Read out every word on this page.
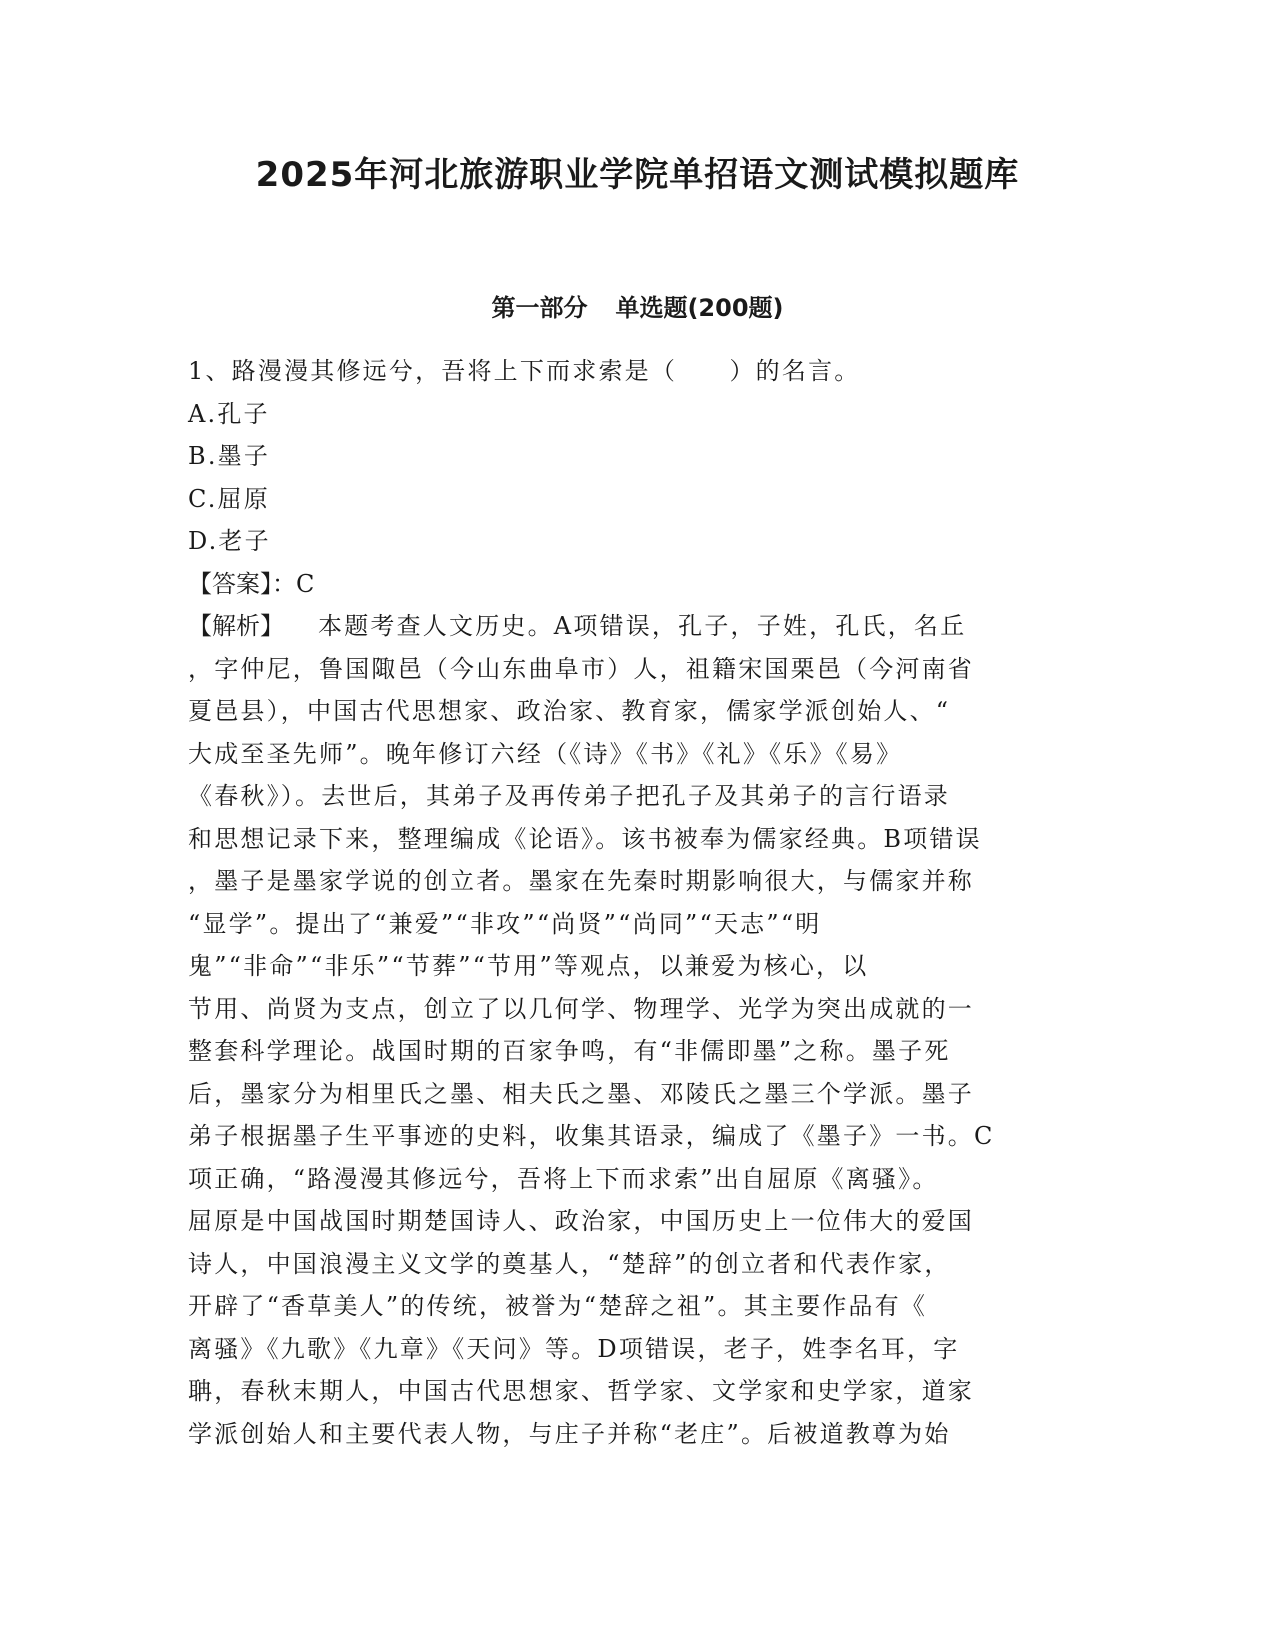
2025年河北旅游职业学院单招语文测试模拟题库
第一部分 单选题(200题)
1、路漫漫其修远兮，吾将上下而求索是（　　）的名言。
A.孔子
B.墨子
C.屈原
D.老子
【答案】：C
【解析】 本题考查人文历史。A项错误，孔子，子姓，孔氏，名丘
，字仲尼，鲁国陬邑（今山东曲阜市）人，祖籍宋国栗邑（今河南省
夏邑县），中国古代思想家、政治家、教育家，儒家学派创始人、“
大成至圣先师”。晚年修订六经（《诗》《书》《礼》《乐》《易》
《春秋》）。去世后，其弟子及再传弟子把孔子及其弟子的言行语录
和思想记录下来，整理编成《论语》。该书被奉为儒家经典。B项错误
，墨子是墨家学说的创立者。墨家在先秦时期影响很大，与儒家并称
“显学”。提出了“兼爱”“非攻”“尚贤”“尚同”“天志”“明
鬼”“非命”“非乐”“节葬”“节用”等观点，以兼爱为核心，以
节用、尚贤为支点，创立了以几何学、物理学、光学为突出成就的一
整套科学理论。战国时期的百家争鸣，有“非儒即墨”之称。墨子死
后，墨家分为相里氏之墨、相夫氏之墨、邓陵氏之墨三个学派。墨子
弟子根据墨子生平事迹的史料，收集其语录，编成了《墨子》一书。C
项正确，“路漫漫其修远兮，吾将上下而求索”出自屈原《离骚》。
屈原是中国战国时期楚国诗人、政治家，中国历史上一位伟大的爱国
诗人，中国浪漫主义文学的奠基人，“楚辞”的创立者和代表作家，
开辟了“香草美人”的传统，被誉为“楚辞之祖”。其主要作品有《
离骚》《九歌》《九章》《天问》等。D项错误，老子，姓李名耳，字
聃，春秋末期人，中国古代思想家、哲学家、文学家和史学家，道家
学派创始人和主要代表人物，与庄子并称“老庄”。后被道教尊为始
